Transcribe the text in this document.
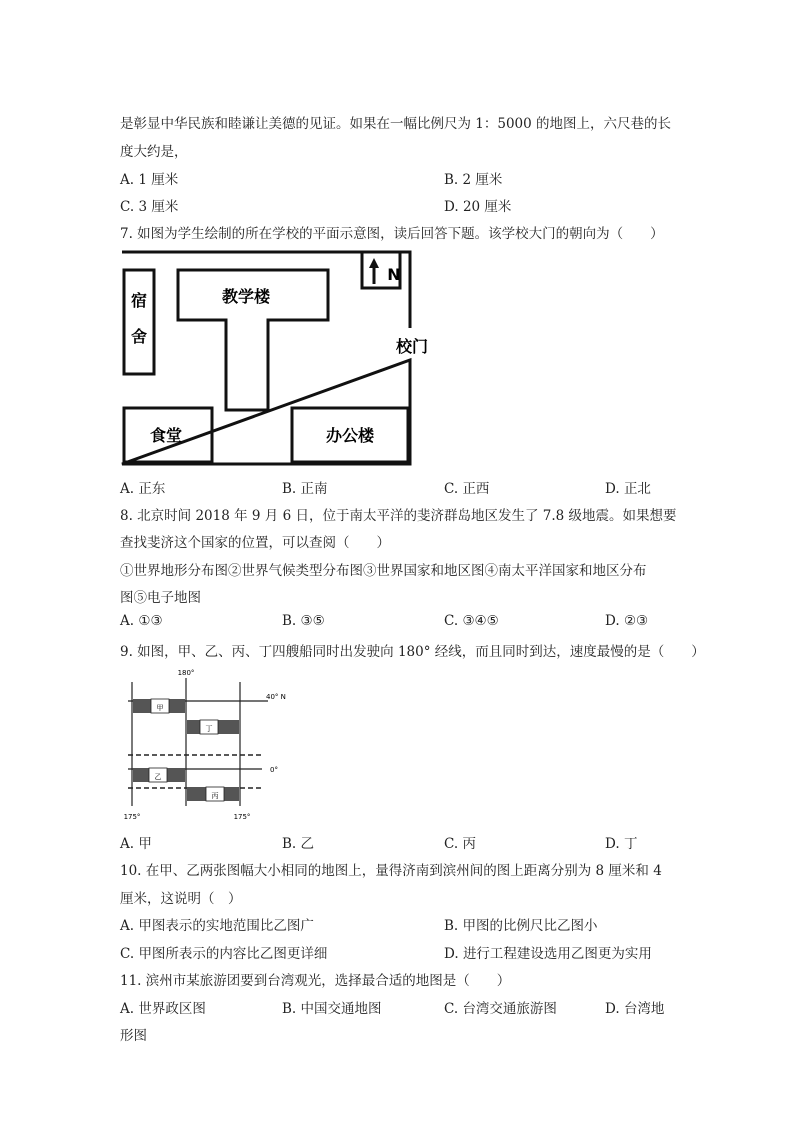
是彰显中华民族和睦谦让美德的见证。如果在一幅比例尺为 1：5000 的地图上，六尺巷的长
度大约是，
A. 1 厘米	B. 2 厘米
C. 3 厘米	D. 20 厘米
7. 如图为学生绘制的所在学校的平面示意图，读后回答下题。该学校大门的朝向为（　　）
N
宿
舍
教学楼
食堂	办公楼
校门
A. 正东	B. 正南	C. 正西	D. 正北
8. 北京时间 2018 年 9 月 6 日，位于南太平洋的斐济群岛地区发生了 7.8 级地震。如果想要
查找斐济这个国家的位置，可以查阅（　　）
①世界地形分布图②世界气候类型分布图③世界国家和地区图④南太平洋国家和地区分布
图⑤电子地图
A. ①③	B. ③⑤	C. ③④⑤	D. ②③
9. 如图，甲、乙、丙、丁四艘船同时出发驶向 180° 经线，而且同时到达，速度最慢的是（　　）
甲
丁
乙
丙
180°
40° N
0°
175°	175°
A. 甲	B. 乙	C. 丙	D. 丁
10. 在甲、乙两张图幅大小相同的地图上，量得济南到滨州间的图上距离分别为 8 厘米和 4
厘米，这说明（　）
A. 甲图表示的实地范围比乙图广	B. 甲图的比例尺比乙图小
C. 甲图所表示的内容比乙图更详细	D. 进行工程建设选用乙图更为实用
11. 滨州市某旅游团要到台湾观光，选择最合适的地图是（　　）
A. 世界政区图	B. 中国交通地图	C. 台湾交通旅游图	D. 台湾地
形图
